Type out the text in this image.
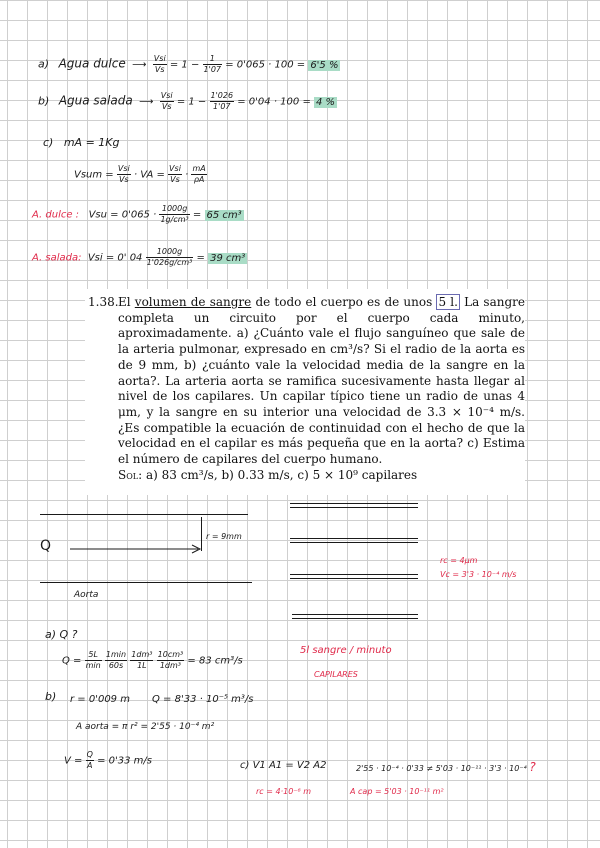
a) Agua dulce ⟶ $\frac{\text{Vsi}}{Vs} = 1 - \frac{1}{1'07} = 0'065 \cdot 100 = 6'5$ %
b) Agua salada ⟶ $\frac{\text{Vsi}}{Vs} = 1 - \frac{1'026}{1'07} = 0'04 \cdot 100 = 4$ %
c) mA = 1Kg
Vsum = $\frac{\text{Vsi}}{Vs}$ · VA = $\frac{\text{Vsi}}{Vs} \cdot \frac{mA}{\rho A}$
A. dulce : Vsu = $0'065 \cdot \frac{1000g}{\text{1g/cm³}} = 65$ cm³
A. salada: Vsi = 0' $04 \frac{1000g}{\text{1'026g/cm³}} = 39$ cm³
1.38. El volumen de sangre de todo el cuerpo es de unos 5 l. La sangre completa un circuito por el cuerpo cada minuto, aproximadamente. a) ¿Cuánto vale el flujo sanguíneo que sale de la arteria pulmonar, expresado en cm³/s? Si el radio de la aorta es de 9 mm, b) ¿cuánto vale la velocidad media de la sangre en la aorta?. La arteria aorta se ramifica sucesivamente hasta llegar al nivel de los capilares. Un capilar típico tiene un radio de unas 4 μm, y la sangre en su interior una velocidad de 3.3 × 10⁻⁴ m/s. ¿Es compatible la ecuación de continuidad con el hecho de que la velocidad en el capilar es más pequeña que en la aorta? c) Estima el número de capilares del cuerpo humano.
Sol: a) 83 cm³/s, b) 0.33 m/s, c) 5 × 10⁹ capilares
Q
r = 9mm
Aorta
rc = 4μm
Vc = 3'3 · 10⁻⁴ m/s
5l sangre / minuto
CAPILARES
a) Q ?
$Q = \frac{5L}{\min}$
$\frac{1\min}{60s}$
$\frac{\text{1dm³}}{1L}$
$\frac{\text{10cm³}}{\text{1dm³}} = 83$ cm³/s
b) r = 0'009 m Q = 8'33 · 10⁻⁵ m³/s
A aorta = π r² = 2'55 · 10⁻⁴ m²
$V = \frac{Q}{A} = 0'33$ m/s	c) V1 A1 = V2 A2	2'55 · 10⁻⁴ · 0'33 ≠ 5'03 · 10⁻¹¹ · 3'3 · 10⁻⁴ ?
rc = 4·10⁻⁶ m	A cap = 5'03 · 10⁻¹¹ m²
